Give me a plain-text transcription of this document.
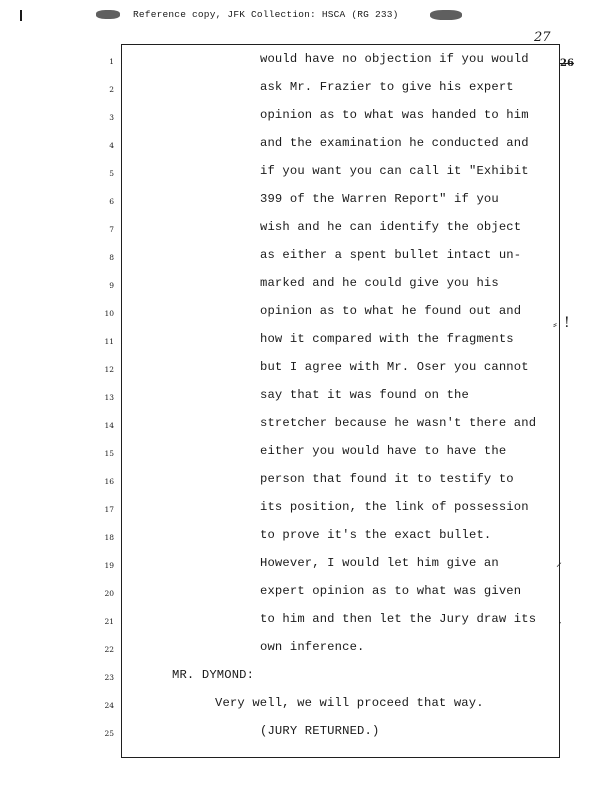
Reference copy, JFK Collection: HSCA (RG 233)
27
26
⸗ !
⸝
·
1	would have no objection if you would
2	ask Mr. Frazier to give his expert
3	opinion as to what was handed to him
4	and the examination he conducted and
5	if you want you can call it "Exhibit
6	399 of the Warren Report" if you
7	wish and he can identify the object
8	as either a spent bullet intact un-
9	marked and he could give you his
10	opinion as to what he found out and
11	how it compared with the fragments
12	but I agree with Mr. Oser you cannot
13	say that it was found on the
14	stretcher because he wasn't there and
15	either you would have to have the
16	person that found it to testify to
17	its position, the link of possession
18	to prove it's the exact bullet.
19	However, I would let him give an
20	expert opinion as to what was given
21	to him and then let the Jury draw its
22	own inference.
23	MR. DYMOND:
24	Very well, we will proceed that way.
25	(JURY RETURNED.)
